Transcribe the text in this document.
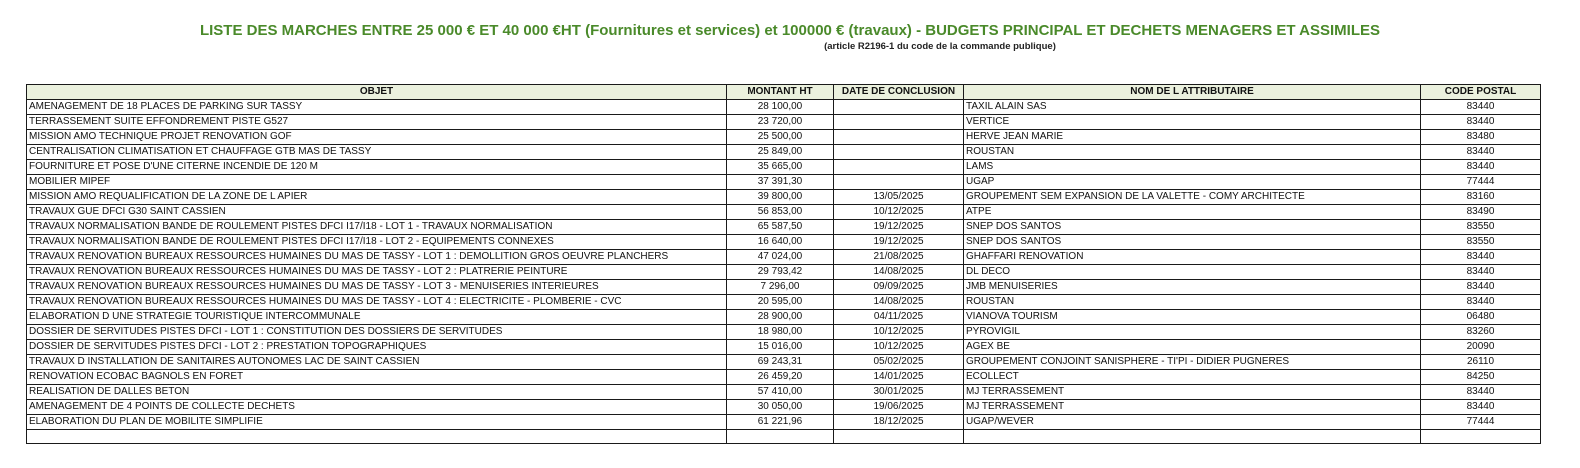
LISTE DES MARCHES ENTRE 25 000 € ET 40 000 €HT (Fournitures et services) et 100000 € (travaux) - BUDGETS PRINCIPAL ET DECHETS MENAGERS ET ASSIMILES

(article R2196-1 du code de la commande publique)

OBJET	MONTANT HT	DATE DE CONCLUSION	NOM DE L ATTRIBUTAIRE	CODE POSTAL
AMENAGEMENT DE 18 PLACES DE PARKING SUR TASSY	28 100,00		TAXIL ALAIN SAS	83440
TERRASSEMENT SUITE EFFONDREMENT PISTE G527	23 720,00		VERTICE	83440
MISSION AMO TECHNIQUE PROJET RENOVATION GOF	25 500,00		HERVE JEAN MARIE	83480
CENTRALISATION CLIMATISATION ET CHAUFFAGE GTB MAS DE TASSY	25 849,00		ROUSTAN	83440
FOURNITURE ET POSE D'UNE CITERNE INCENDIE DE 120 M	35 665,00		LAMS	83440
MOBILIER MIPEF	37 391,30		UGAP	77444
MISSION AMO REQUALIFICATION DE LA ZONE DE L APIER	39 800,00	13/05/2025	GROUPEMENT SEM EXPANSION DE LA VALETTE - COMY ARCHITECTE	83160
TRAVAUX GUE DFCI G30 SAINT CASSIEN	56 853,00	10/12/2025	ATPE	83490
TRAVAUX NORMALISATION BANDE DE ROULEMENT PISTES DFCI I17/I18 - LOT 1 - TRAVAUX NORMALISATION	65 587,50	19/12/2025	SNEP DOS SANTOS	83550
TRAVAUX NORMALISATION BANDE DE ROULEMENT PISTES DFCI I17/I18 - LOT 2 - EQUIPEMENTS CONNEXES	16 640,00	19/12/2025	SNEP DOS SANTOS	83550
TRAVAUX RENOVATION BUREAUX RESSOURCES HUMAINES DU MAS DE TASSY - LOT 1 : DEMOLLITION GROS OEUVRE PLANCHERS	47 024,00	21/08/2025	GHAFFARI RENOVATION	83440
TRAVAUX RENOVATION BUREAUX RESSOURCES HUMAINES DU MAS DE TASSY - LOT 2 : PLATRERIE PEINTURE	29 793,42	14/08/2025	DL DECO	83440
TRAVAUX RENOVATION BUREAUX RESSOURCES HUMAINES DU MAS DE TASSY - LOT 3 - MENUISERIES INTERIEURES	7 296,00	09/09/2025	JMB MENUISERIES	83440
TRAVAUX RENOVATION BUREAUX RESSOURCES HUMAINES DU MAS DE TASSY - LOT 4 : ELECTRICITE - PLOMBERIE - CVC	20 595,00	14/08/2025	ROUSTAN	83440
ELABORATION D UNE STRATEGIE TOURISTIQUE INTERCOMMUNALE	28 900,00	04/11/2025	VIANOVA TOURISM	06480
DOSSIER DE SERVITUDES PISTES DFCI - LOT 1 : CONSTITUTION DES DOSSIERS DE SERVITUDES	18 980,00	10/12/2025	PYROVIGIL	83260
DOSSIER DE SERVITUDES PISTES DFCI - LOT 2 : PRESTATION TOPOGRAPHIQUES	15 016,00	10/12/2025	AGEX BE	20090
TRAVAUX D INSTALLATION DE SANITAIRES AUTONOMES LAC DE SAINT CASSIEN	69 243,31	05/02/2025	GROUPEMENT CONJOINT SANISPHERE - TI'PI - DIDIER PUGNERES	26110
RENOVATION ECOBAC BAGNOLS EN FORET	26 459,20	14/01/2025	ECOLLECT	84250
REALISATION DE DALLES BETON	57 410,00	30/01/2025	MJ TERRASSEMENT	83440
AMENAGEMENT DE 4 POINTS DE COLLECTE DECHETS	30 050,00	19/06/2025	MJ TERRASSEMENT	83440
ELABORATION DU PLAN DE MOBILITE SIMPLIFIE	61 221,96	18/12/2025	UGAP/WEVER	77444
